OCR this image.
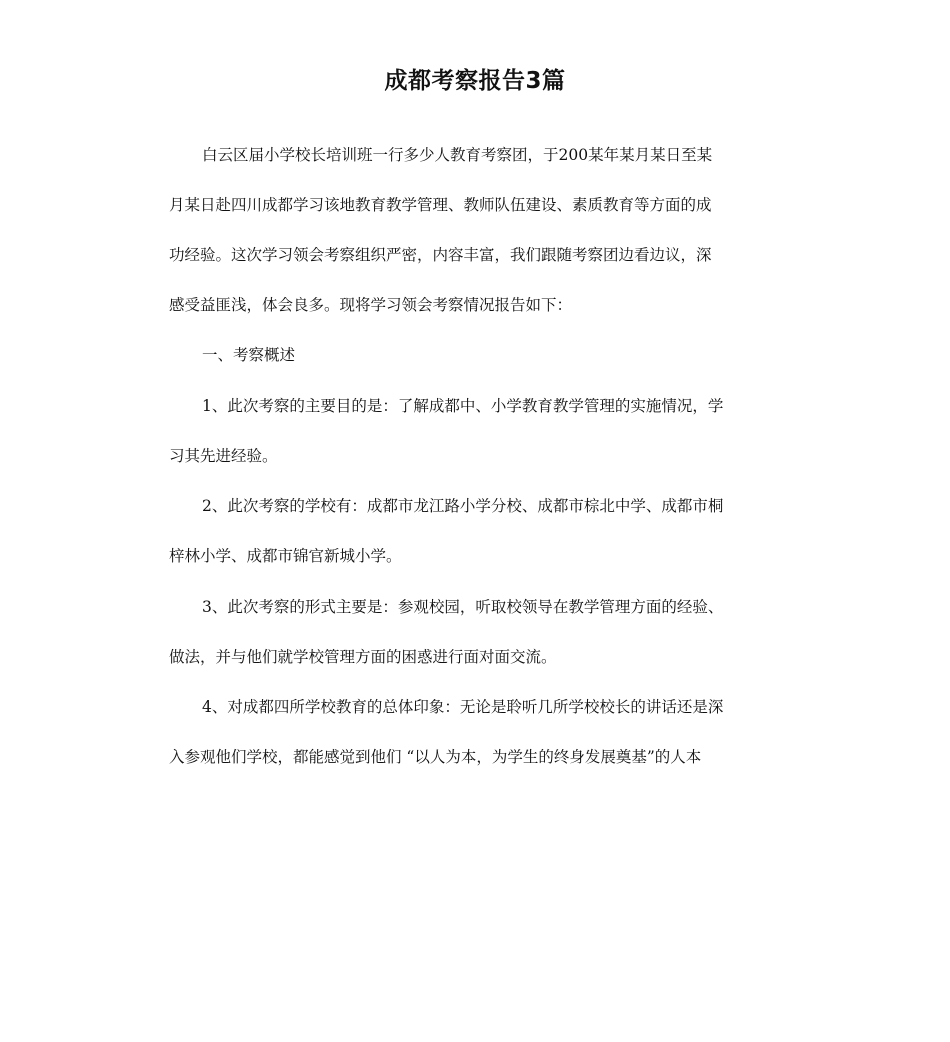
成都考察报告3篇
白云区届小学校长培训班一行多少人教育考察团，于200某年某月某日至某
月某日赴四川成都学习该地教育教学管理、教师队伍建设、素质教育等方面的成
功经验。这次学习领会考察组织严密，内容丰富，我们跟随考察团边看边议，深
感受益匪浅，体会良多。现将学习领会考察情况报告如下：
一、考察概述
1、此次考察的主要目的是：了解成都中、小学教育教学管理的实施情况，学
习其先进经验。
2、此次考察的学校有：成都市龙江路小学分校、成都市棕北中学、成都市桐
梓林小学、成都市锦官新城小学。
3、此次考察的形式主要是：参观校园，听取校领导在教学管理方面的经验、
做法，并与他们就学校管理方面的困惑进行面对面交流。
4、对成都四所学校教育的总体印象：无论是聆听几所学校校长的讲话还是深
入参观他们学校，都能感觉到他们 “以人为本，为学生的终身发展奠基”的人本
